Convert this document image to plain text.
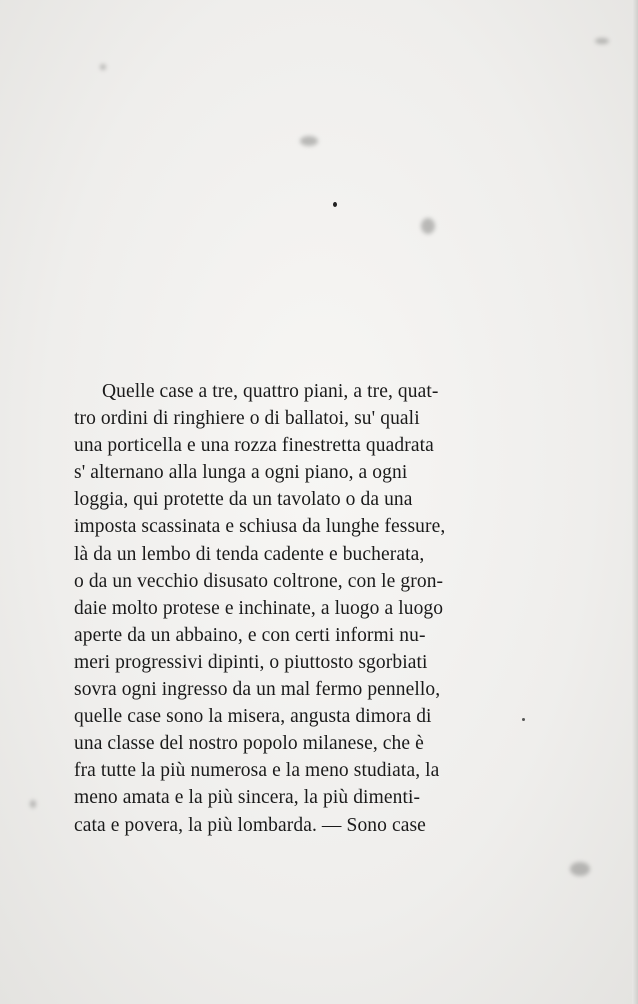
Quelle case a tre, quattro piani, a tre, quat-
tro ordini di ringhiere o di ballatoi, su' quali
una porticella e una rozza finestretta quadrata
s' alternano alla lunga a ogni piano, a ogni
loggia, qui protette da un tavolato o da una
imposta scassinata e schiusa da lunghe fessure,
là da un lembo di tenda cadente e bucherata,
o da un vecchio disusato coltrone, con le gron-
daie molto protese e inchinate, a luogo a luogo
aperte da un abbaino, e con certi informi nu-
meri progressivi dipinti, o piuttosto sgorbiati
sovra ogni ingresso da un mal fermo pennello,
quelle case sono la misera, angusta dimora di
una classe del nostro popolo milanese, che è
fra tutte la più numerosa e la meno studiata, la
meno amata e la più sincera, la più dimenti-
cata e povera, la più lombarda. — Sono case
